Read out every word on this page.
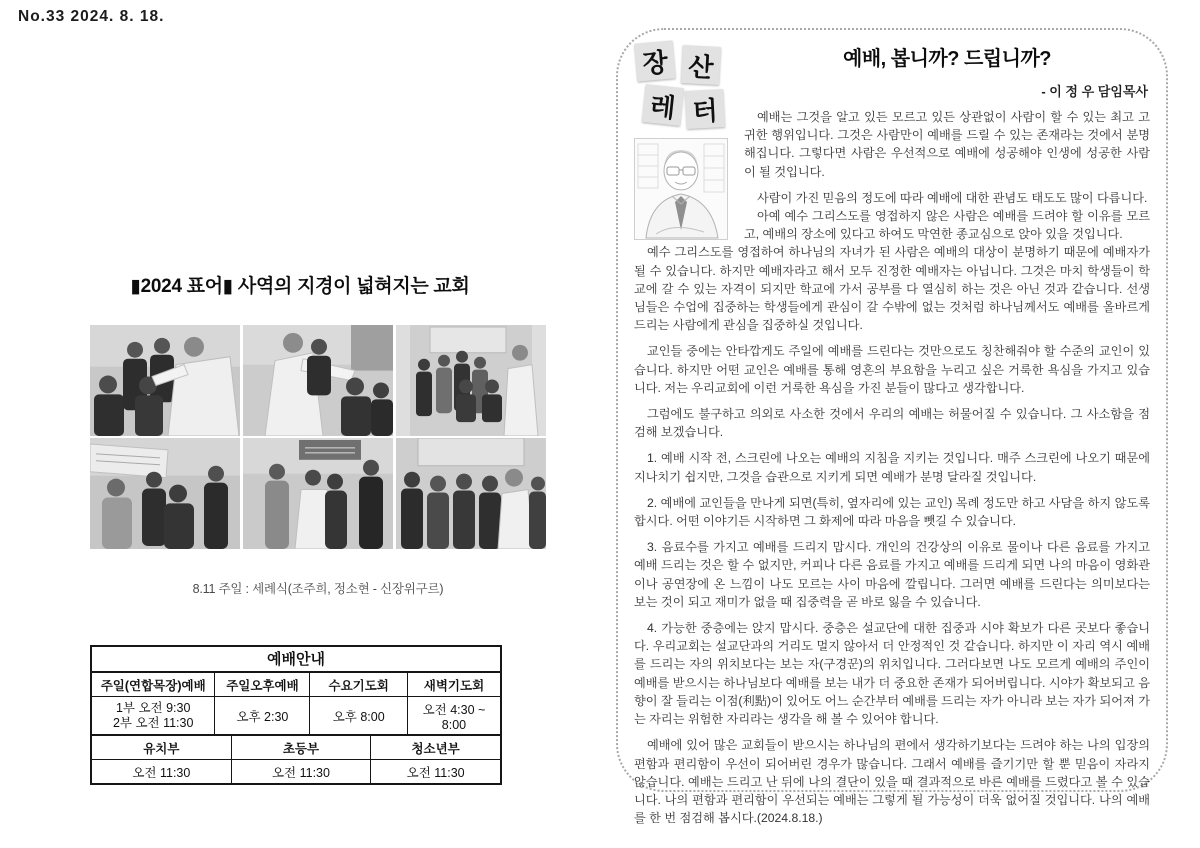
No.33 2024. 8. 18.
▮2024 표어▮ 사역의 지경이 넓혀지는 교회
8.11 주일 : 세례식(조주희, 정소현 - 신장위구르)
예배안내
주일(연합목장)예배	주일오후예배	수요기도회	새벽기도회
1부 오전 9:30
2부 오전 11:30	오후 2:30	오후 8:00	오전 4:30 ~ 8:00
유치부	초등부	청소년부
오전 11:30	오전 11:30	오전 11:30
장 산
레 터
예배, 봅니까? 드립니까?
- 이 정 우 담임목사

예배는 그것을 알고 있든 모르고 있든 상관없이 사람이 할 수 있는 최고 고귀한 행위입니다. 그것은 사람만이 예배를 드릴 수 있는 존재라는 것에서 분명해집니다. 그렇다면 사람은 우선적으로 예배에 성공해야 인생에 성공한 사람이 될 것입니다.

사람이 가진 믿음의 정도에 따라 예배에 대한 관념도 태도도 많이 다릅니다.

아예 예수 그리스도를 영접하지 않은 사람은 예배를 드려야 할 이유를 모르고, 예배의 장소에 있다고 하여도 막연한 종교심으로 앉아 있을 것입니다.

예수 그리스도를 영접하여 하나님의 자녀가 된 사람은 예배의 대상이 분명하기 때문에 예배자가 될 수 있습니다. 하지만 예배자라고 해서 모두 진정한 예배자는 아닙니다. 그것은 마치 학생들이 학교에 갈 수 있는 자격이 되지만 학교에 가서 공부를 다 열심히 하는 것은 아닌 것과 같습니다. 선생님들은 수업에 집중하는 학생들에게 관심이 갈 수밖에 없는 것처럼 하나님께서도 예배를 올바르게 드리는 사람에게 관심을 집중하실 것입니다.

교인들 중에는 안타깝게도 주일에 예배를 드린다는 것만으로도 칭찬해줘야 할 수준의 교인이 있습니다. 하지만 어떤 교인은 예배를 통해 영혼의 부요함을 누리고 싶은 거룩한 욕심을 가지고 있습니다. 저는 우리교회에 이런 거룩한 욕심을 가진 분들이 많다고 생각합니다.

그럼에도 불구하고 의외로 사소한 것에서 우리의 예배는 허물어질 수 있습니다. 그 사소함을 점검해 보겠습니다.

1. 예배 시작 전, 스크린에 나오는 예배의 지침을 지키는 것입니다. 매주 스크린에 나오기 때문에 지나치기 쉽지만, 그것을 습관으로 지키게 되면 예배가 분명 달라질 것입니다.

2. 예배에 교인들을 만나게 되면(특히, 옆자리에 있는 교인) 목례 정도만 하고 사담을 하지 않도록 합시다. 어떤 이야기든 시작하면 그 화제에 따라 마음을 뺏길 수 있습니다.

3. 음료수를 가지고 예배를 드리지 맙시다. 개인의 건강상의 이유로 물이나 다른 음료를 가지고 예배 드리는 것은 할 수 없지만, 커피나 다른 음료를 가지고 예배를 드리게 되면 나의 마음이 영화관이나 공연장에 온 느낌이 나도 모르는 사이 마음에 깔립니다. 그러면 예배를 드린다는 의미보다는 보는 것이 되고 재미가 없을 때 집중력을 곧 바로 잃을 수 있습니다.

4. 가능한 중층에는 앉지 맙시다. 중층은 설교단에 대한 집중과 시야 확보가 다른 곳보다 좋습니다. 우리교회는 설교단과의 거리도 멀지 않아서 더 안정적인 것 같습니다. 하지만 이 자리 역시 예배를 드리는 자의 위치보다는 보는 자(구경꾼)의 위치입니다. 그러다보면 나도 모르게 예배의 주인이 예배를 받으시는 하나님보다 예배를 보는 내가 더 중요한 존재가 되어버립니다. 시야가 확보되고 음향이 잘 들리는 이점(利點)이 있어도 어느 순간부터 예배를 드리는 자가 아니라 보는 자가 되어져 가는 자리는 위험한 자리라는 생각을 해 볼 수 있어야 합니다.

예배에 있어 많은 교회들이 받으시는 하나님의 편에서 생각하기보다는 드려야 하는 나의 입장의 편함과 편리함이 우선이 되어버린 경우가 많습니다. 그래서 예배를 즐기기만 할 뿐 믿음이 자라지 않습니다. 예배는 드리고 난 뒤에 나의 결단이 있을 때 결과적으로 바른 예배를 드렸다고 볼 수 있습니다. 나의 편함과 편리함이 우선되는 예배는 그렇게 될 가능성이 더욱 없어질 것입니다. 나의 예배를 한 번 점검해 봅시다.(2024.8.18.)
